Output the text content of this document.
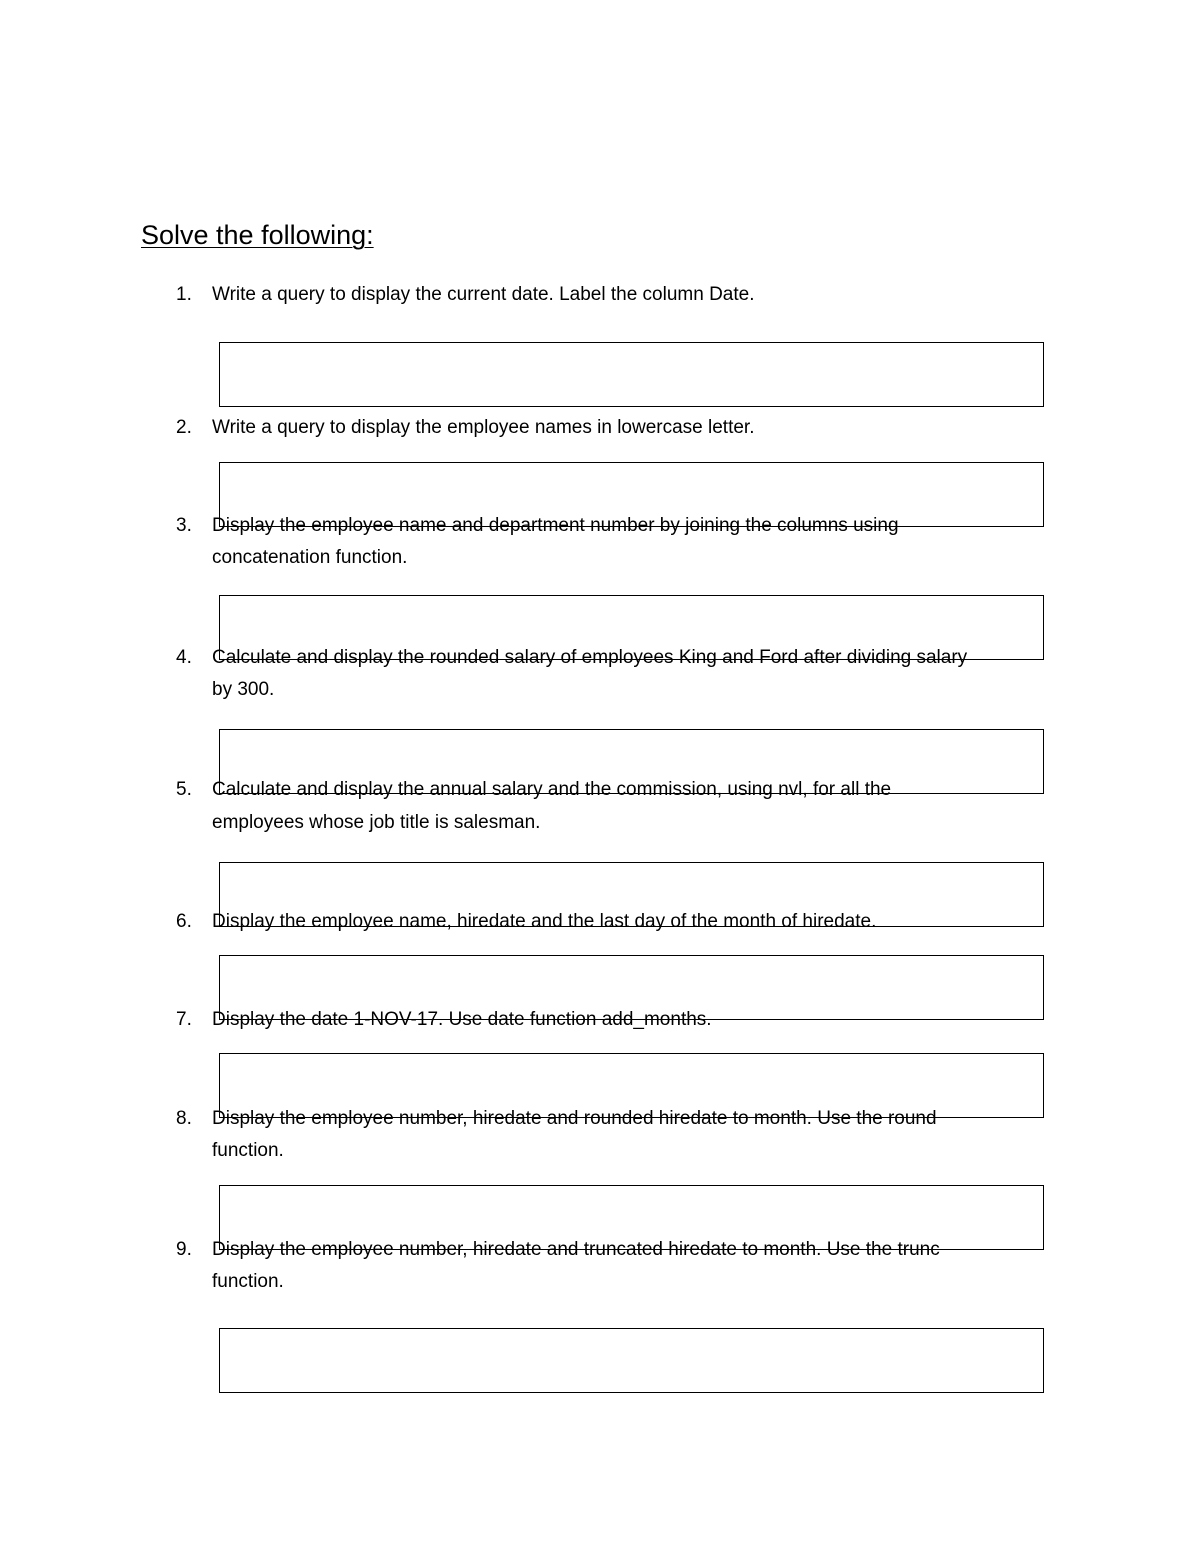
Solve the following:
1. Write a query to display the current date. Label the column Date.
2. Write a query to display the employee names in lowercase letter.
3. Display the employee name and department number by joining the columns using
concatenation function.
4. Calculate and display the rounded salary of employees King and Ford after dividing salary
by 300.
5. Calculate and display the annual salary and the commission, using nvl, for all the
employees whose job title is salesman.
6. Display the employee name, hiredate and the last day of the month of hiredate.
7. Display the date 1-NOV-17. Use date function add_months.
8. Display the employee number, hiredate and rounded hiredate to month. Use the round
function.
9. Display the employee number, hiredate and truncated hiredate to month. Use the trunc
function.
